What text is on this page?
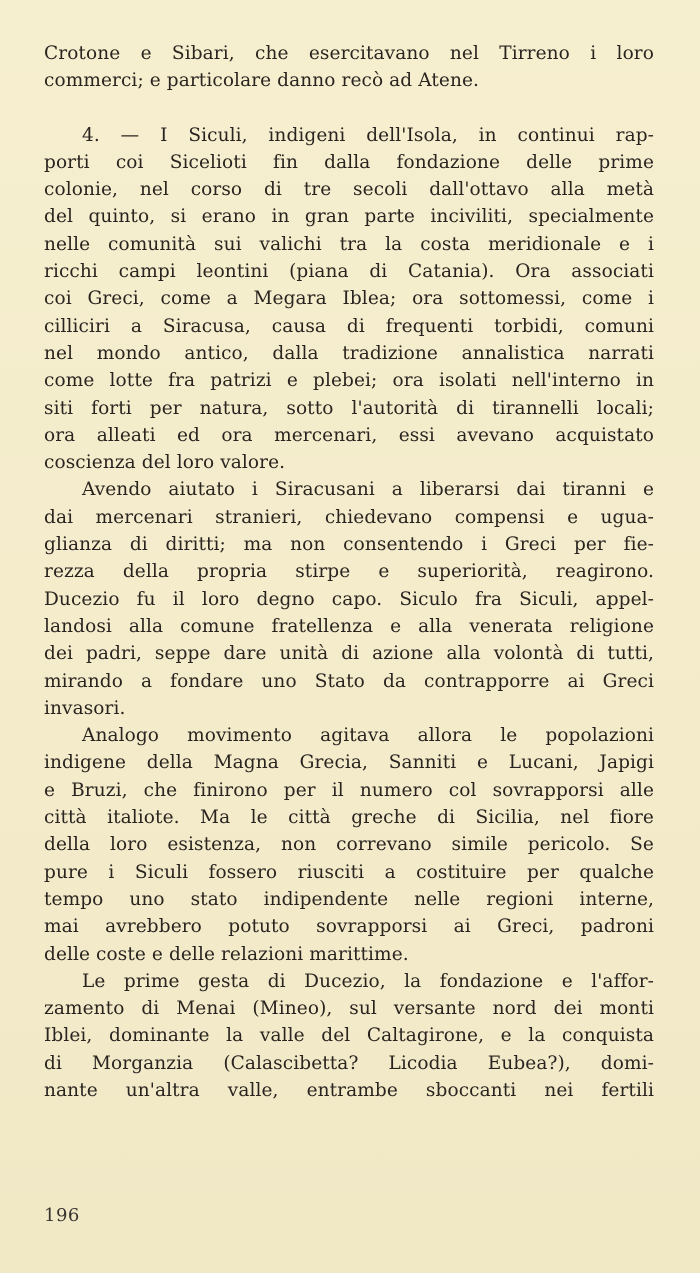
Crotone e Sibari, che esercitavano nel Tirreno i loro
commerci; e particolare danno recò ad Atene.
4. — I Siculi, indigeni dell'Isola, in continui rap-
porti coi Sicelioti fin dalla fondazione delle prime
colonie, nel corso di tre secoli dall'ottavo alla metà
del quinto, si erano in gran parte inciviliti, specialmente
nelle comunità sui valichi tra la costa meridionale e i
ricchi campi leontini (piana di Catania). Ora associati
coi Greci, come a Megara Iblea; ora sottomessi, come i
cilliciri a Siracusa, causa di frequenti torbidi, comuni
nel mondo antico, dalla tradizione annalistica narrati
come lotte fra patrizi e plebei; ora isolati nell'interno in
siti forti per natura, sotto l'autorità di tirannelli locali;
ora alleati ed ora mercenari, essi avevano acquistato
coscienza del loro valore.
Avendo aiutato i Siracusani a liberarsi dai tiranni e
dai mercenari stranieri, chiedevano compensi e ugua-
glianza di diritti; ma non consentendo i Greci per fie-
rezza della propria stirpe e superiorità, reagirono.
Ducezio fu il loro degno capo. Siculo fra Siculi, appel-
landosi alla comune fratellenza e alla venerata religione
dei padri, seppe dare unità di azione alla volontà di tutti,
mirando a fondare uno Stato da contrapporre ai Greci
invasori.
Analogo movimento agitava allora le popolazioni
indigene della Magna Grecia, Sanniti e Lucani, Japigi
e Bruzi, che finirono per il numero col sovrapporsi alle
città italiote. Ma le città greche di Sicilia, nel fiore
della loro esistenza, non correvano simile pericolo. Se
pure i Siculi fossero riusciti a costituire per qualche
tempo uno stato indipendente nelle regioni interne,
mai avrebbero potuto sovrapporsi ai Greci, padroni
delle coste e delle relazioni marittime.
Le prime gesta di Ducezio, la fondazione e l'affor-
zamento di Menai (Mineo), sul versante nord dei monti
Iblei, dominante la valle del Caltagirone, e la conquista
di Morganzia (Calascibetta? Licodia Eubea?), domi-
nante un'altra valle, entrambe sboccanti nei fertili
196
